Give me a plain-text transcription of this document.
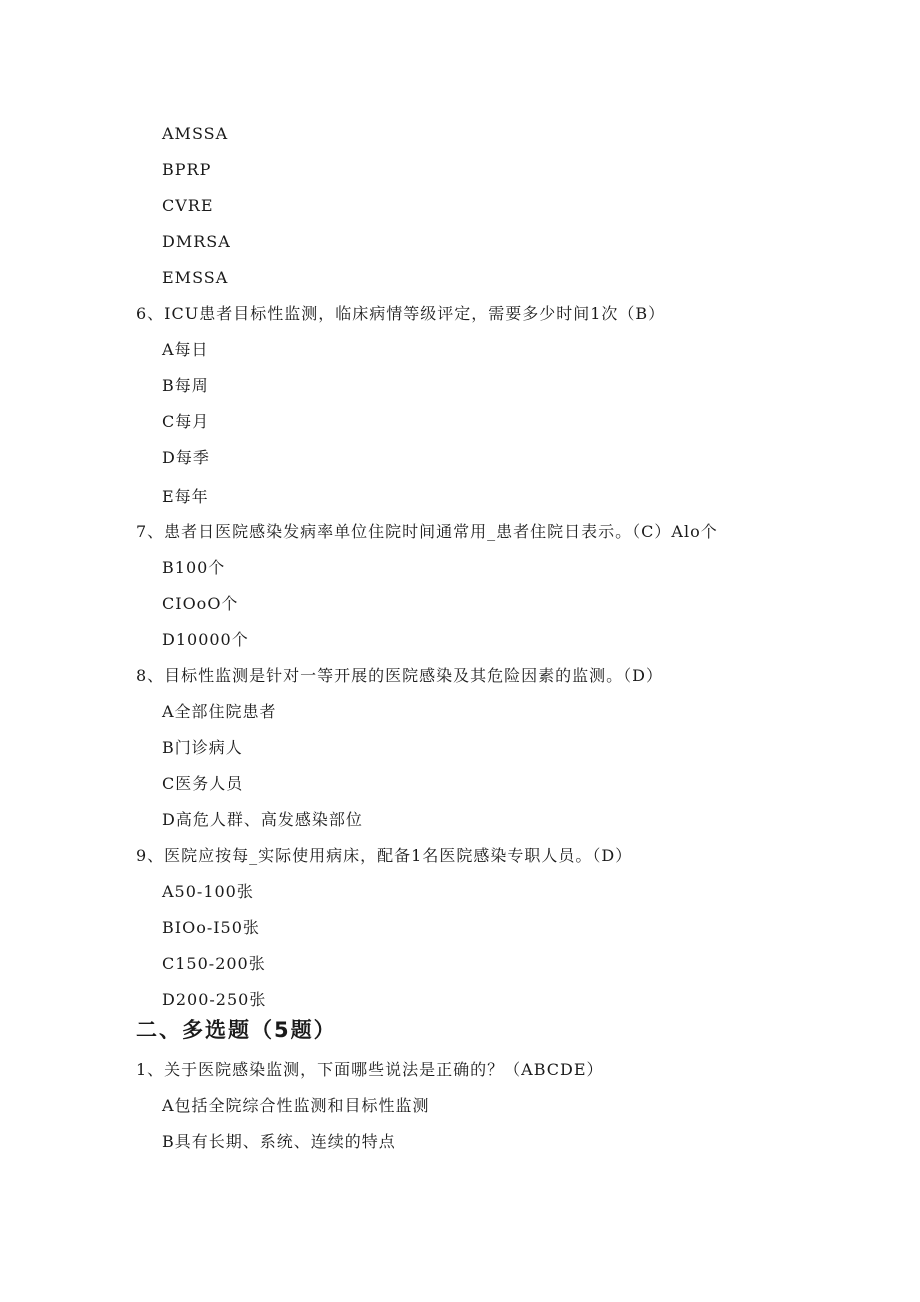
AMSSA
BPRP
CVRE
DMRSA
EMSSA
6、ICU患者目标性监测，临床病情等级评定，需要多少时间1次（B）
A每日
B每周
C每月
D每季
E每年
7、患者日医院感染发病率单位住院时间通常用_患者住院日表示。（C）Alo个
B100个
CIOoO个
D10000个
8、目标性监测是针对一等开展的医院感染及其危险因素的监测。（D）
A全部住院患者
B门诊病人
C医务人员
D高危人群、高发感染部位
9、医院应按每_实际使用病床，配备1名医院感染专职人员。（D）
A50-100张
BIOo-I50张
C150-200张
D200-250张
二、多选题（5题）
1、关于医院感染监测，下面哪些说法是正确的？（ABCDE）
A包括全院综合性监测和目标性监测
B具有长期、系统、连续的特点
